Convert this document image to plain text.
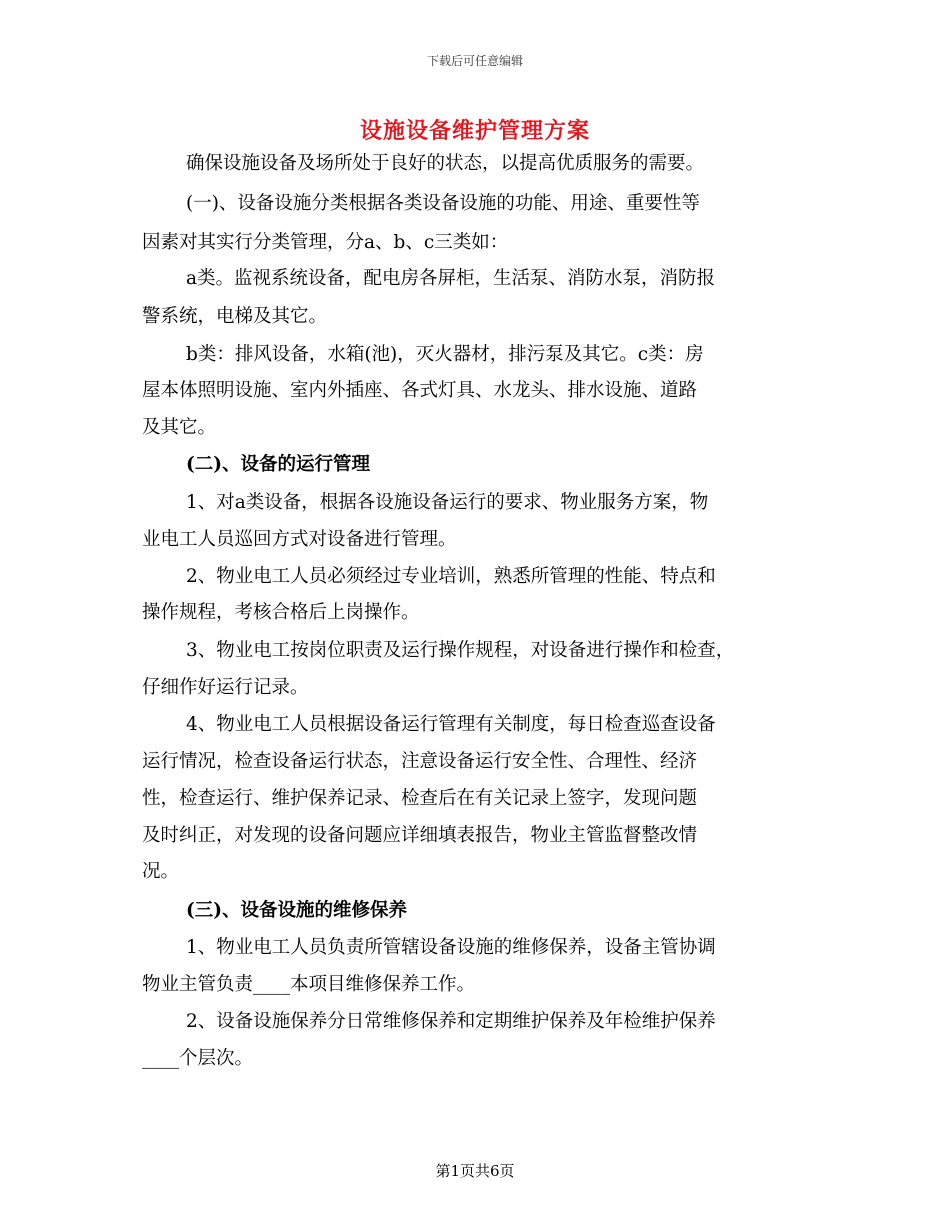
下载后可任意编辑
设施设备维护管理方案
确保设施设备及场所处于良好的状态，以提高优质服务的需要。
(一)、设备设施分类根据各类设备设施的功能、用途、重要性等
因素对其实行分类管理，分a、b、c三类如：
a类。监视系统设备，配电房各屏柜，生活泵、消防水泵，消防报
警系统，电梯及其它。
b类：排风设备，水箱(池)，灭火器材，排污泵及其它。c类：房
屋本体照明设施、室内外插座、各式灯具、水龙头、排水设施、道路
及其它。
(二)、设备的运行管理
1、对a类设备，根据各设施设备运行的要求、物业服务方案，物
业电工人员巡回方式对设备进行管理。
2、物业电工人员必须经过专业培训，熟悉所管理的性能、特点和
操作规程，考核合格后上岗操作。
3、物业电工按岗位职责及运行操作规程，对设备进行操作和检查，
仔细作好运行记录。
4、物业电工人员根据设备运行管理有关制度，每日检查巡查设备
运行情况，检查设备运行状态，注意设备运行安全性、合理性、经济
性，检查运行、维护保养记录、检查后在有关记录上签字，发现问题
及时纠正，对发现的设备问题应详细填表报告，物业主管监督整改情
况。
(三)、设备设施的维修保养
1、物业电工人员负责所管辖设备设施的维修保养，设备主管协调
物业主管负责____本项目维修保养工作。
2、设备设施保养分日常维修保养和定期维护保养及年检维护保养
____个层次。
第1页共6页
